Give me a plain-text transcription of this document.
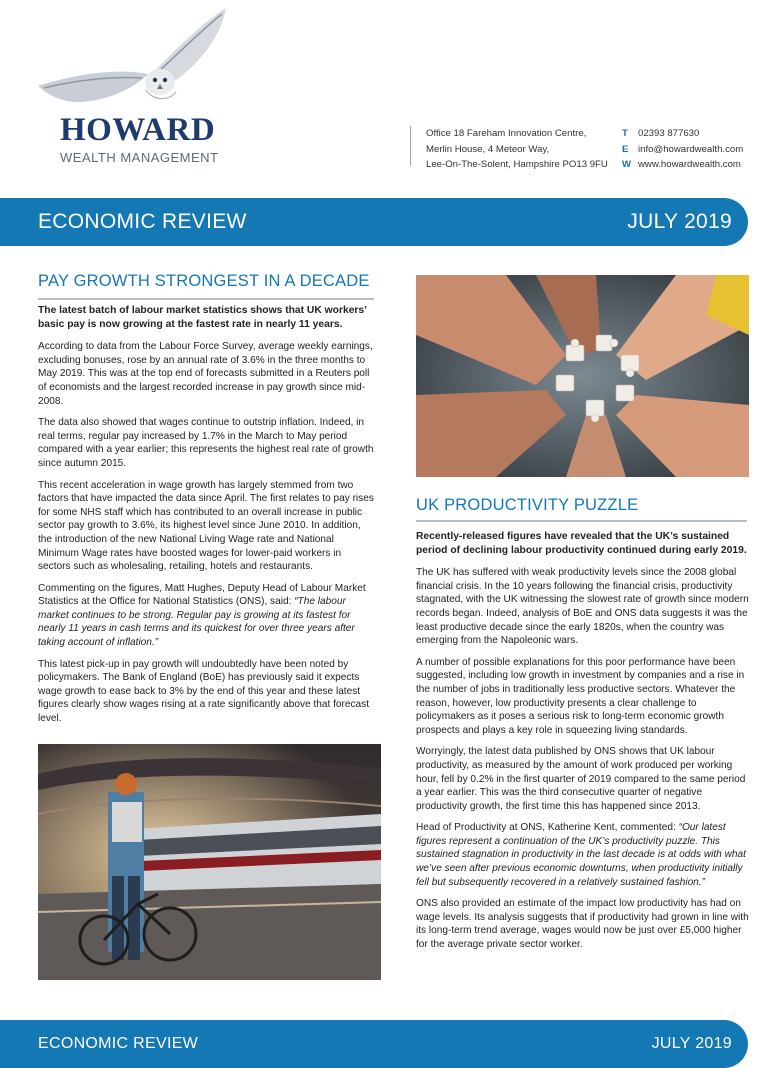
HOWARD
WEALTH MANAGEMENT
Office 18 Fareham Innovation Centre,
Merlin House, 4 Meteor Way,
Lee-On-The-Solent, Hampshire PO13 9FU
T 02393 877630
E info@howardwealth.com
W www.howardwealth.com
ECONOMIC REVIEW	JULY 2019
PAY GROWTH STRONGEST IN A DECADE

The latest batch of labour market statistics shows that UK workers’ basic pay is now growing at the fastest rate in nearly 11 years.

According to data from the Labour Force Survey, average weekly earnings, excluding bonuses, rose by an annual rate of 3.6% in the three months to May 2019. This was at the top end of forecasts submitted in a Reuters poll of economists and the largest recorded increase in pay growth since mid-2008.

The data also showed that wages continue to outstrip inflation. Indeed, in real terms, regular pay increased by 1.7% in the March to May period compared with a year earlier; this represents the highest real rate of growth since autumn 2015.

This recent acceleration in wage growth has largely stemmed from two factors that have impacted the data since April. The first relates to pay rises for some NHS staff which has contributed to an overall increase in public sector pay growth to 3.6%, its highest level since June 2010. In addition, the introduction of the new National Living Wage rate and National Minimum Wage rates have boosted wages for lower-paid workers in sectors such as wholesaling, retailing, hotels and restaurants.

Commenting on the figures, Matt Hughes, Deputy Head of Labour Market Statistics at the Office for National Statistics (ONS), said: “The labour market continues to be strong. Regular pay is growing at its fastest for nearly 11 years in cash terms and its quickest for over three years after taking account of inflation.”

This latest pick-up in pay growth will undoubtedly have been noted by policymakers. The Bank of England (BoE) has previously said it expects wage growth to ease back to 3% by the end of this year and these latest figures clearly show wages rising at a rate significantly above that forecast level.

UK PRODUCTIVITY PUZZLE

Recently-released figures have revealed that the UK’s sustained period of declining labour productivity continued during early 2019.

The UK has suffered with weak productivity levels since the 2008 global financial crisis. In the 10 years following the financial crisis, productivity stagnated, with the UK witnessing the slowest rate of growth since modern records began. Indeed, analysis of BoE and ONS data suggests it was the least productive decade since the early 1820s, when the country was emerging from the Napoleonic wars.

A number of possible explanations for this poor performance have been suggested, including low growth in investment by companies and a rise in the number of jobs in traditionally less productive sectors. Whatever the reason, however, low productivity presents a clear challenge to policymakers as it poses a serious risk to long-term economic growth prospects and plays a key role in squeezing living standards.

Worryingly, the latest data published by ONS shows that UK labour productivity, as measured by the amount of work produced per working hour, fell by 0.2% in the first quarter of 2019 compared to the same period a year earlier. This was the third consecutive quarter of negative productivity growth, the first time this has happened since 2013.

Head of Productivity at ONS, Katherine Kent, commented: “Our latest figures represent a continuation of the UK’s productivity puzzle. This sustained stagnation in productivity in the last decade is at odds with what we’ve seen after previous economic downturns, when productivity initially fell but subsequently recovered in a relatively sustained fashion.”

ONS also provided an estimate of the impact low productivity has had on wage levels. Its analysis suggests that if productivity had grown in line with its long-term trend average, wages would now be just over £5,000 higher for the average private sector worker.

ECONOMIC REVIEW	JULY 2019
